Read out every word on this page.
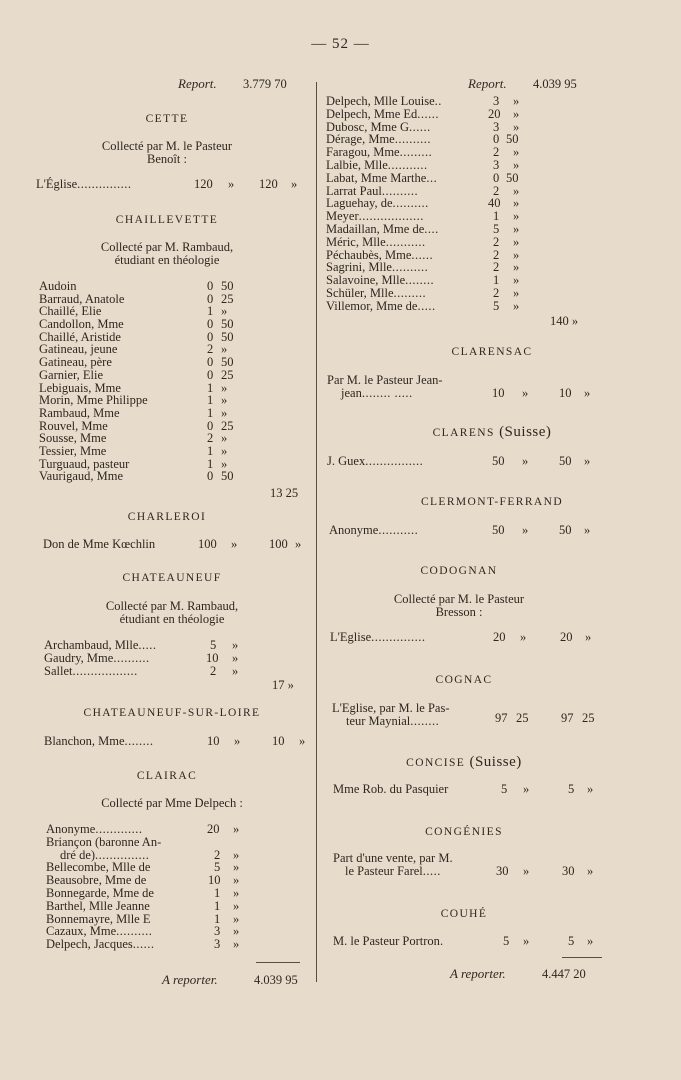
— 52 —
Report. 3.779 70
CETTE
Collecté par M. le Pasteur
Benoît :
L'Église...............	120 » 120 »
CHAILLEVETTE
Collecté par M. Rambaud,
étudiant en théologie
Audoin	0 50
Barraud, Anatole	0 25
Chaillé, Elie	1 »
Candollon, Mme	0 50
Chaillé, Aristide	0 50
Gatineau, jeune	2 »
Gatineau, père	0 50
Garnier, Elie	0 25
Lebiguais, Mme	1 »
Morin, Mme Philippe	1 »
Rambaud, Mme	1 »
Rouvel, Mme	0 25
Sousse, Mme	2 »
Tessier, Mme	1 »
Turguaud, pasteur	1 »
Vaurigaud, Mme	0 50
13 25
CHARLEROI
Don de Mme Kœchlin	100 »	100 »
CHATEAUNEUF
Collecté par M. Rambaud,
étudiant en théologie
Archambaud, Mlle.....	5 »
Gaudry, Mme..........	10 »
Sallet..................	2 »
17 »
CHATEAUNEUF-SUR-LOIRE
Blanchon, Mme........	10 »	10 »
CLAIRAC
Collecté par Mme Delpech :
Anonyme.............	20 »
Briançon (baronne An-
dré de)...............	2 »
Bellecombe, Mlle de	5 »
Beausobre, Mme de	10 »
Bonnegarde, Mme de	1 »
Barthel, Mlle Jeanne	1 »
Bonnemayre, Mlle E	1 »
Cazaux, Mme..........	3 »
Delpech, Jacques......	3 »
A reporter.	4.039 95
Report. 4.039 95
Delpech, Mlle Louise..	3 »
Delpech, Mme Ed......	20 »
Dubosc, Mme G......	3 »
Dérage, Mme..........	0 50
Faragou, Mme.........	2 »
Lalbie, Mlle...........	3 »
Labat, Mme Marthe...	0 50
Larrat Paul..........	2 »
Laguehay, de..........	40 »
Meyer..................	1 »
Madaillan, Mme de....	5 »
Méric, Mlle...........	2 »
Péchaubès, Mme......	2 »
Sagrini, Mlle..........	2 »
Salavoine, Mlle........	1 »
Schüler, Mlle.........	2 »
Villemor, Mme de.....	5 »
140 »
CLARENSAC
Par M. le Pasteur Jean-
jean........ .....	10 » 10 »
CLARENS (Suisse)
J. Guex................	50 » 50 »
CLERMONT-FERRAND
Anonyme...........	50 » 50 »
CODOGNAN
Collecté par M. le Pasteur
Bresson :
L'Eglise...............	20 »	20 »
COGNAC
L'Eglise, par M. le Pas-
teur Maynial........	97 25	97 25
CONCISE (Suisse)
Mme Rob. du Pasquier	5 »	5 »
CONGÉNIES
Part d'une vente, par M.
le Pasteur Farel.....	30 »	30 »
COUHÉ
M. le Pasteur Portron.	5 »	5 »
A reporter.	4.447 20
